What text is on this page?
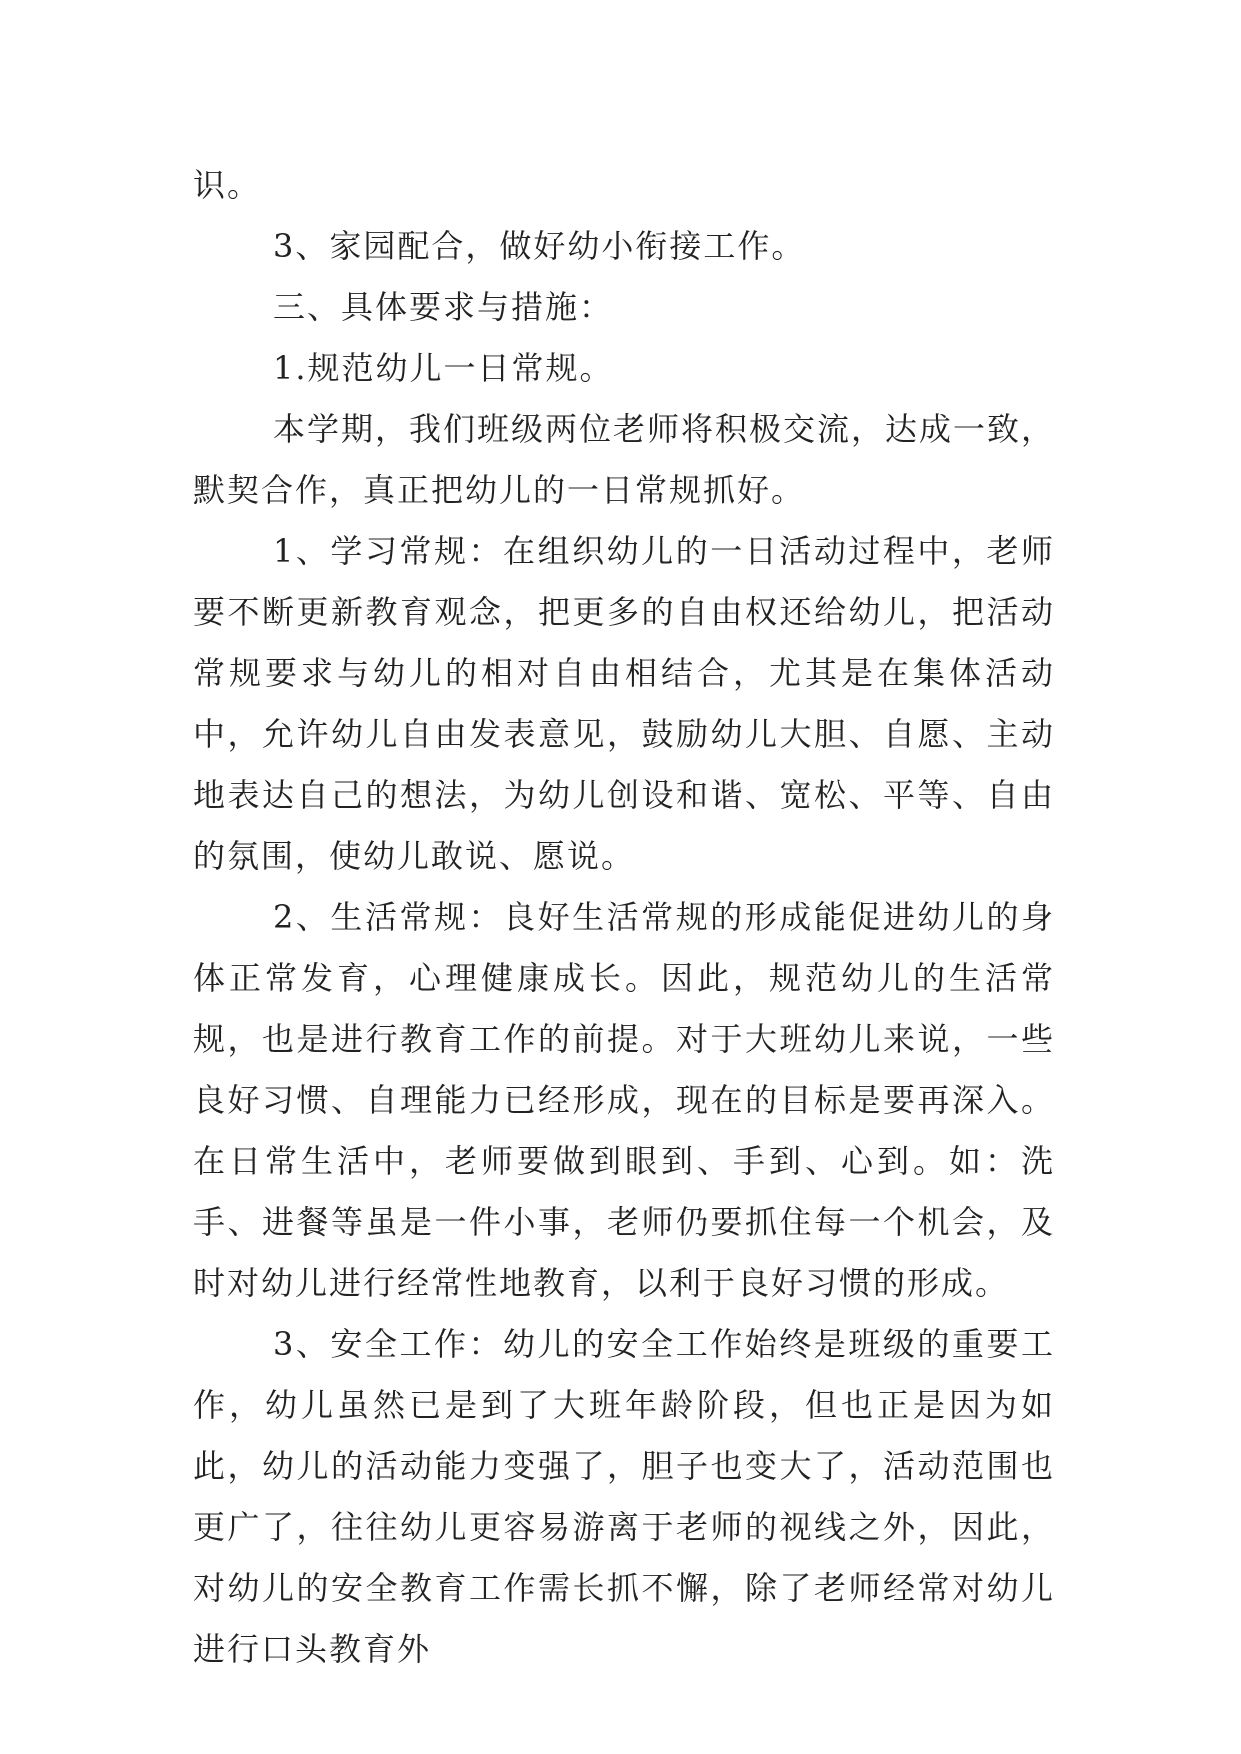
识。

3、家园配合，做好幼小衔接工作。

三、具体要求与措施：

1.规范幼儿一日常规。

本学期，我们班级两位老师将积极交流，达成一致，默契合作，真正把幼儿的一日常规抓好。

1、学习常规：在组织幼儿的一日活动过程中，老师要不断更新教育观念，把更多的自由权还给幼儿，把活动常规要求与幼儿的相对自由相结合，尤其是在集体活动中，允许幼儿自由发表意见，鼓励幼儿大胆、自愿、主动地表达自己的想法，为幼儿创设和谐、宽松、平等、自由的氛围，使幼儿敢说、愿说。

2、生活常规：良好生活常规的形成能促进幼儿的身体正常发育，心理健康成长。因此，规范幼儿的生活常规，也是进行教育工作的前提。对于大班幼儿来说，一些良好习惯、自理能力已经形成，现在的目标是要再深入。在日常生活中，老师要做到眼到、手到、心到。如：洗手、进餐等虽是一件小事，老师仍要抓住每一个机会，及时对幼儿进行经常性地教育，以利于良好习惯的形成。

3、安全工作：幼儿的安全工作始终是班级的重要工作，幼儿虽然已是到了大班年龄阶段，但也正是因为如此，幼儿的活动能力变强了，胆子也变大了，活动范围也更广了，往往幼儿更容易游离于老师的视线之外，因此，对幼儿的安全教育工作需长抓不懈，除了老师经常对幼儿进行口头教育外
